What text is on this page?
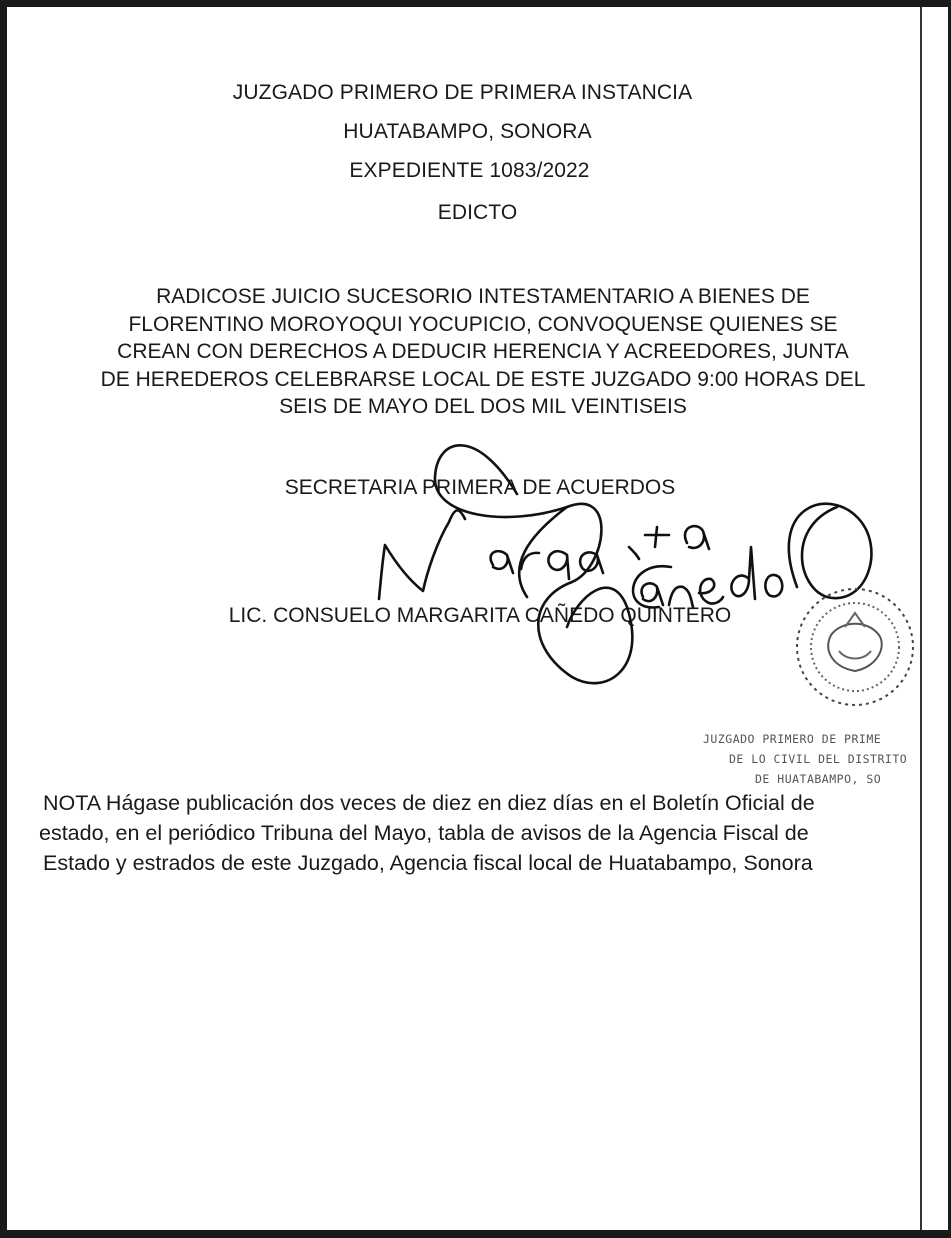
JUZGADO PRIMERO DE PRIMERA INSTANCIA
HUATABAMPO, SONORA
EXPEDIENTE 1083/2022
EDICTO
RADICOSE JUICIO SUCESORIO INTESTAMENTARIO A BIENES DE
FLORENTINO MOROYOQUI YOCUPICIO, CONVOQUENSE QUIENES SE
CREAN CON DERECHOS A DEDUCIR HERENCIA Y ACREEDORES, JUNTA
DE HEREDEROS CELEBRARSE LOCAL DE ESTE JUZGADO 9:00 HORAS DEL
SEIS DE MAYO DEL DOS MIL VEINTISEIS
SECRETARIA PRIMERA DE ACUERDOS
LIC. CONSUELO MARGARITA CAÑEDO QUINTERO
JUZGADO PRIMERO DE PRIME
DE LO CIVIL DEL DISTRITO
DE HUATABAMPO, SO
NOTA Hágase publicación dos veces de diez en diez días en el Boletín Oficial de
estado, en el periódico Tribuna del Mayo, tabla de avisos de la Agencia Fiscal de
Estado y estrados de este Juzgado, Agencia fiscal local de Huatabampo, Sonora
